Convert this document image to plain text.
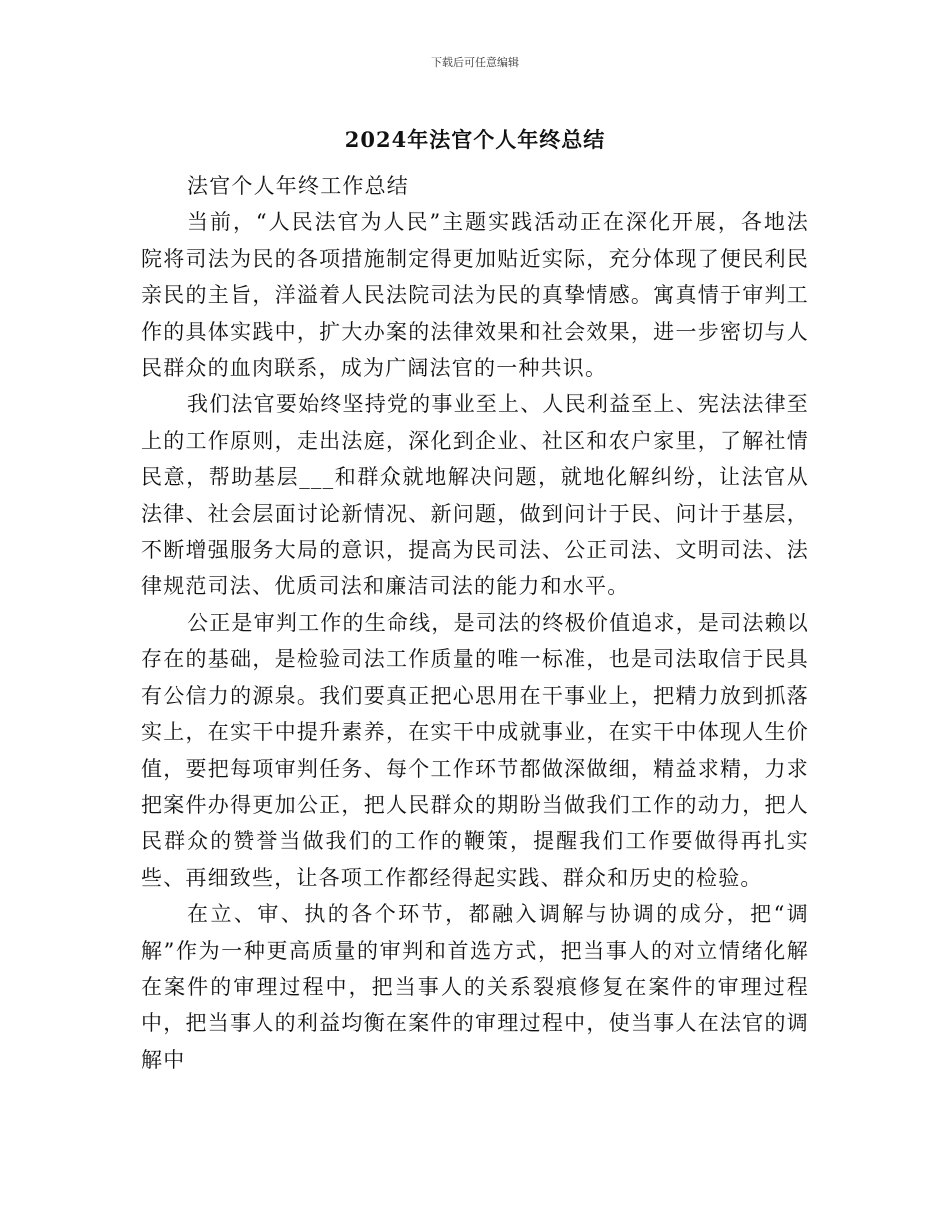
下载后可任意编辑
2024年法官个人年终总结

法官个人年终工作总结

当前，“人民法官为人民”主题实践活动正在深化开展，各地法院将司法为民的各项措施制定得更加贴近实际，充分体现了便民利民亲民的主旨，洋溢着人民法院司法为民的真挚情感。寓真情于审判工作的具体实践中，扩大办案的法律效果和社会效果，进一步密切与人民群众的血肉联系，成为广阔法官的一种共识。

我们法官要始终坚持党的事业至上、人民利益至上、宪法法律至上的工作原则，走出法庭，深化到企业、社区和农户家里，了解社情民意，帮助基层___和群众就地解决问题，就地化解纠纷，让法官从法律、社会层面讨论新情况、新问题，做到问计于民、问计于基层，不断增强服务大局的意识，提高为民司法、公正司法、文明司法、法律规范司法、优质司法和廉洁司法的能力和水平。

公正是审判工作的生命线，是司法的终极价值追求，是司法赖以存在的基础，是检验司法工作质量的唯一标准，也是司法取信于民具有公信力的源泉。我们要真正把心思用在干事业上，把精力放到抓落实上，在实干中提升素养，在实干中成就事业，在实干中体现人生价值，要把每项审判任务、每个工作环节都做深做细，精益求精，力求把案件办得更加公正，把人民群众的期盼当做我们工作的动力，把人民群众的赞誉当做我们的工作的鞭策，提醒我们工作要做得再扎实些、再细致些，让各项工作都经得起实践、群众和历史的检验。

在立、审、执的各个环节，都融入调解与协调的成分，把“调解”作为一种更高质量的审判和首选方式，把当事人的对立情绪化解在案件的审理过程中，把当事人的关系裂痕修复在案件的审理过程中，把当事人的利益均衡在案件的审理过程中，使当事人在法官的调解中
